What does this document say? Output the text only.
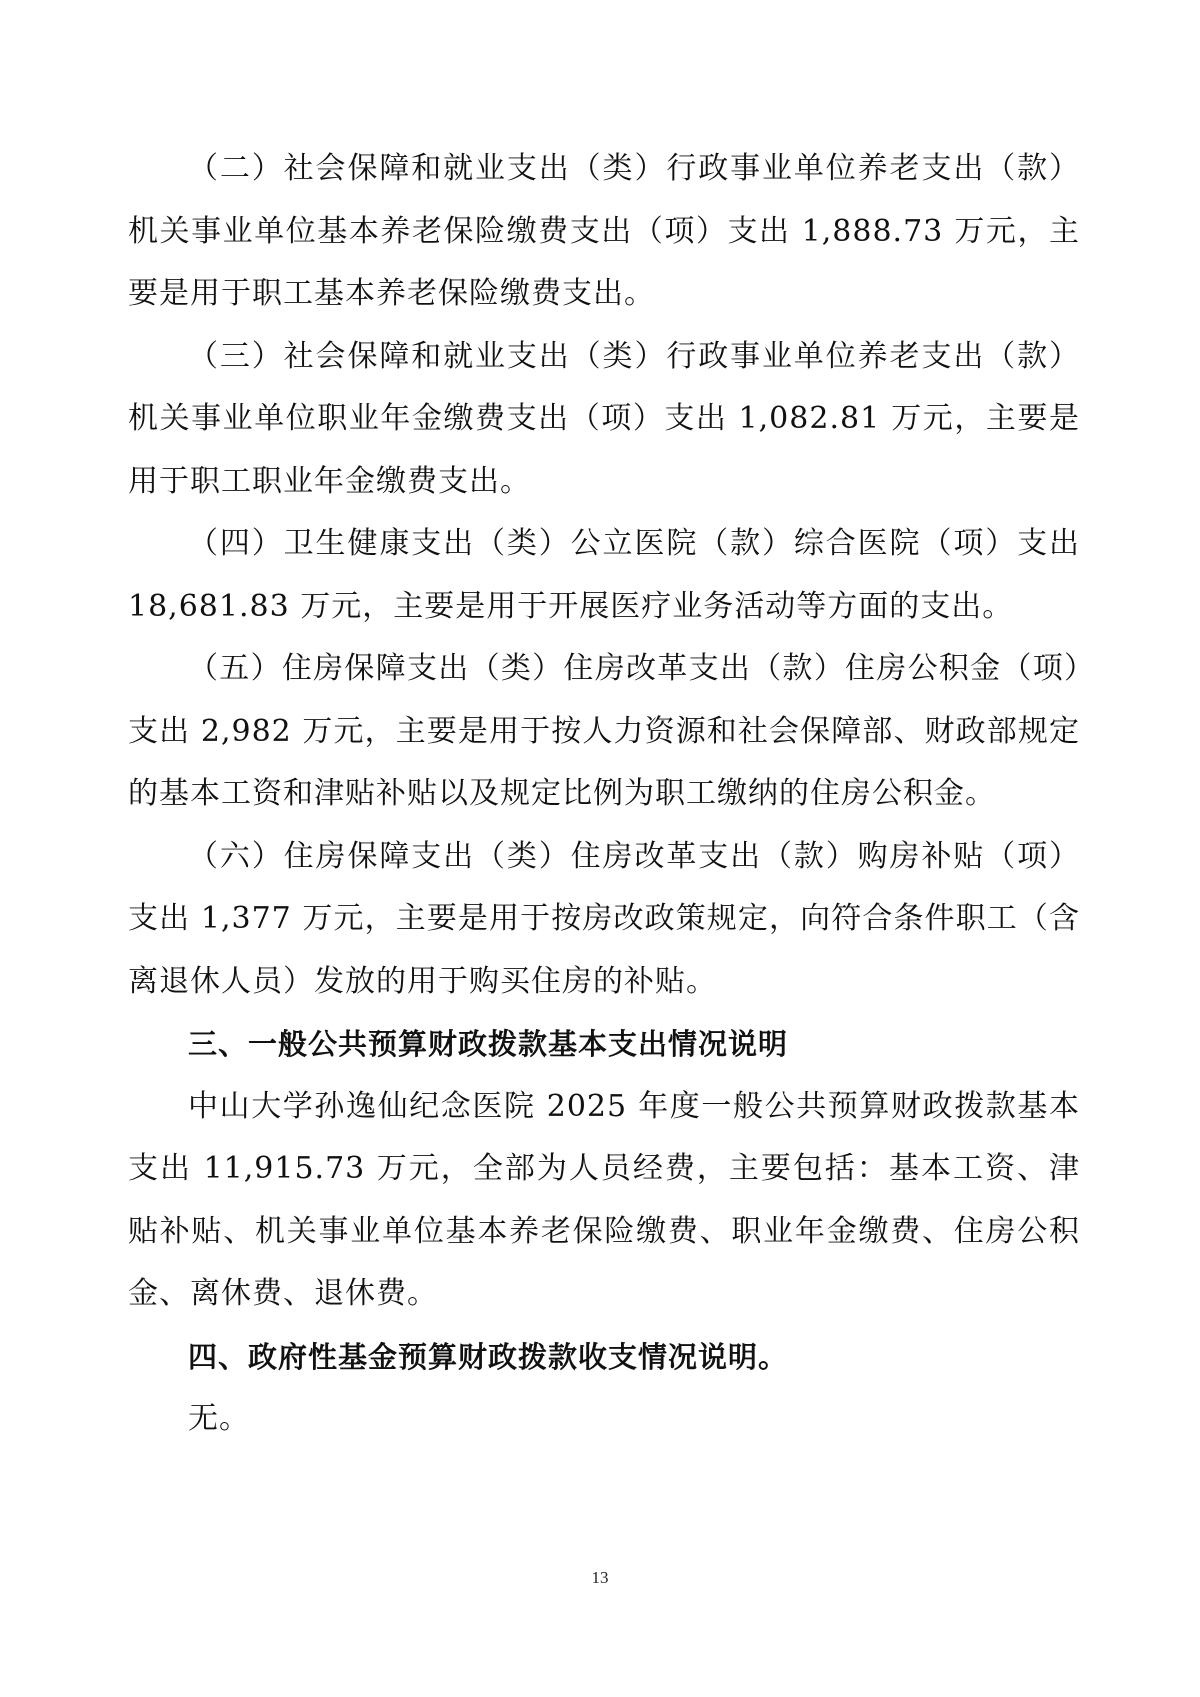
（二）社会保障和就业支出（类）行政事业单位养老支出（款）机关事业单位基本养老保险缴费支出（项）支出 1,888.73 万元，主要是用于职工基本养老保险缴费支出。

（三）社会保障和就业支出（类）行政事业单位养老支出（款）机关事业单位职业年金缴费支出（项）支出 1,082.81 万元，主要是用于职工职业年金缴费支出。

（四）卫生健康支出（类）公立医院（款）综合医院（项）支出 18,681.83 万元，主要是用于开展医疗业务活动等方面的支出。

（五）住房保障支出（类）住房改革支出（款）住房公积金（项）支出 2,982 万元，主要是用于按人力资源和社会保障部、财政部规定的基本工资和津贴补贴以及规定比例为职工缴纳的住房公积金。

（六）住房保障支出（类）住房改革支出（款）购房补贴（项）支出 1,377 万元，主要是用于按房改政策规定，向符合条件职工（含离退休人员）发放的用于购买住房的补贴。

三、一般公共预算财政拨款基本支出情况说明

中山大学孙逸仙纪念医院 2025 年度一般公共预算财政拨款基本支出 11,915.73 万元，全部为人员经费，主要包括：基本工资、津贴补贴、机关事业单位基本养老保险缴费、职业年金缴费、住房公积金、离休费、退休费。

四、政府性基金预算财政拨款收支情况说明。

无。

13
